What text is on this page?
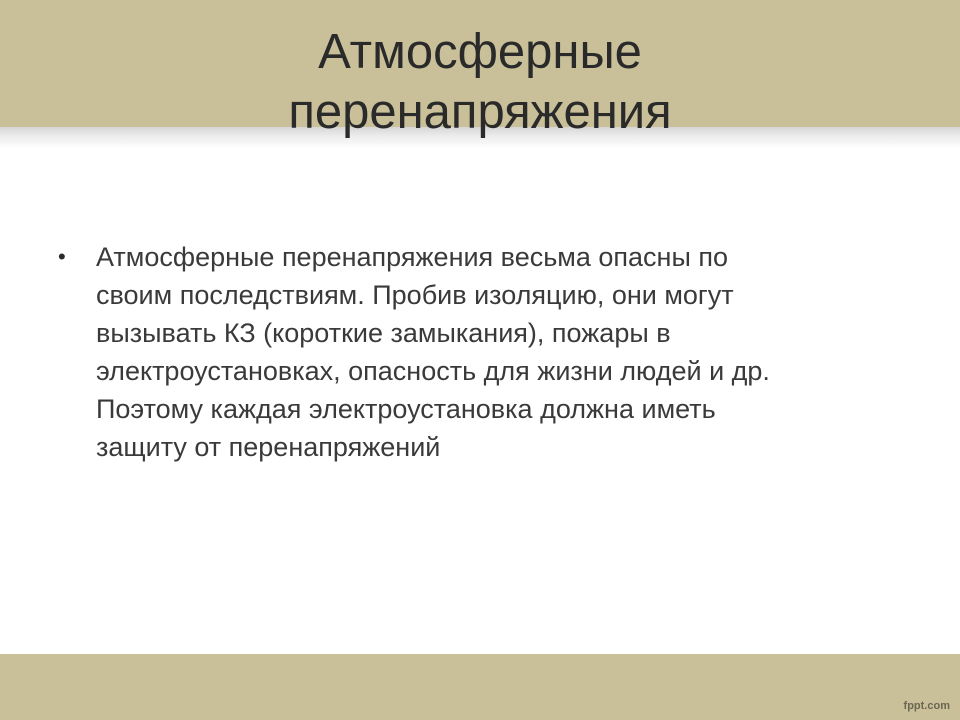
Атмосферные
перенапряжения
•	Атмосферные перенапряжения весьма опасны по
своим последствиям. Пробив изоляцию, они могут
вызывать КЗ (короткие замыкания), пожары в
электроустановках, опасность для жизни людей и др.
Поэтому каждая электроустановка должна иметь
защиту от перенапряжений
fppt.com
